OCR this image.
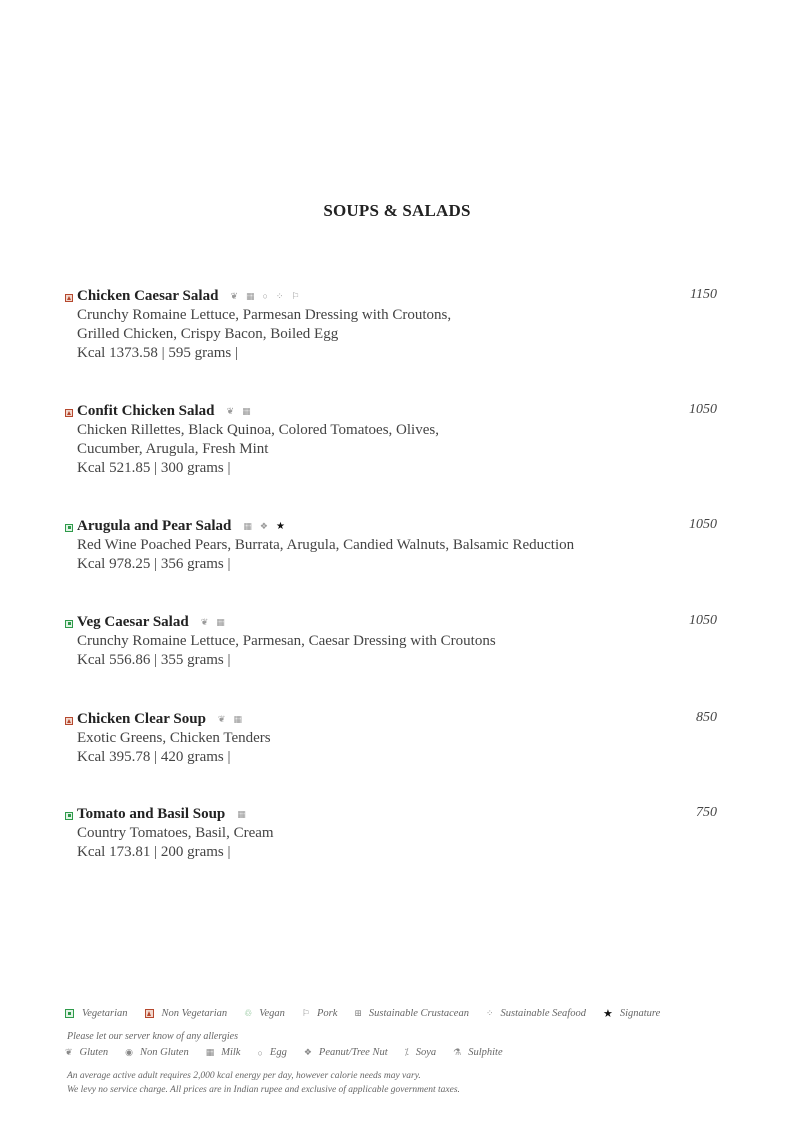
SOUPS & SALADS
Chicken Caesar Salad ❦ ▦ ○ ⁘ ⚐	1150
Crunchy Romaine Lettuce, Parmesan Dressing with Croutons,
Grilled Chicken, Crispy Bacon, Boiled Egg
Kcal 1373.58 | 595 grams |
Confit Chicken Salad ❦ ▦	1050
Chicken Rillettes, Black Quinoa, Colored Tomatoes, Olives,
Cucumber, Arugula, Fresh Mint
Kcal 521.85 | 300 grams |
Arugula and Pear Salad ▦ ❖ ★	1050
Red Wine Poached Pears, Burrata, Arugula, Candied Walnuts, Balsamic Reduction
Kcal 978.25 | 356 grams |
Veg Caesar Salad ❦ ▦	1050
Crunchy Romaine Lettuce, Parmesan, Caesar Dressing with Croutons
Kcal 556.86 | 355 grams |
Chicken Clear Soup ❦ ▦	850
Exotic Greens, Chicken Tenders
Kcal 395.78 | 420 grams |
Tomato and Basil Soup ▦	750
Country Tomatoes, Basil, Cream
Kcal 173.81 | 200 grams |
Vegetarian	Non Vegetarian ♲ Vegan ⚐ Pork ⊞ Sustainable Crustacean ⁘ Sustainable Seafood ★ Signature
Please let our server know of any allergies
❦ Gluten ◉ Non Gluten ▦ Milk ○ Egg ❖ Peanut/Tree Nut ⁒ Soya ⚗ Sulphite
An average active adult requires 2,000 kcal energy per day, however calorie needs may vary.
We levy no service charge. All prices are in Indian rupee and exclusive of applicable government taxes.
